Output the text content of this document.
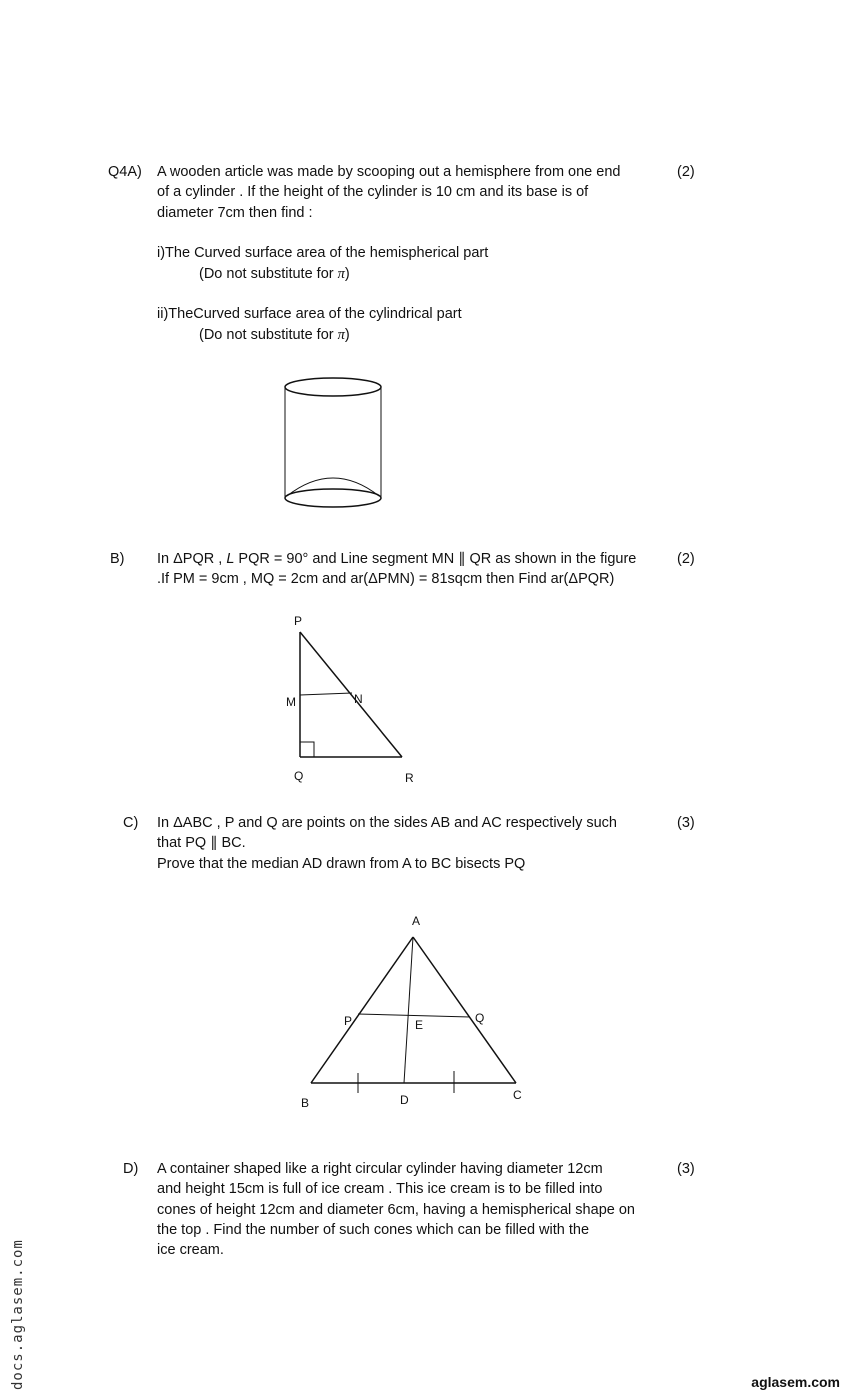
Q4A)	(2)
A wooden article was made by scooping out a hemisphere from one end
of a cylinder . If the height of the cylinder is 10 cm and its base is of
diameter 7cm then find :
i)The Curved surface area of the hemispherical part
(Do not substitute for π)
ii)TheCurved surface area of the cylindrical part
(Do not substitute for π)
B)	(2)
In ΔPQR , L PQR = 90° and Line segment MN ∥ QR as shown in the figure
.If PM = 9cm , MQ = 2cm and ar(ΔPMN) = 81sqcm then Find ar(ΔPQR)
P
M	N
Q	R
C)	(3)
In ΔABC , P and Q are points on the sides AB and AC respectively such
that PQ ∥ BC.
Prove that the median AD drawn from A to BC bisects PQ
A
P	Q
E
B	D	C
D)	(3)
A container shaped like a right circular cylinder having diameter 12cm
and height 15cm is full of ice cream . This ice cream is to be filled into
cones of height 12cm and diameter 6cm, having a hemispherical shape on
the top . Find the number of such cones which can be filled with the
ice cream.
docs.aglasem.com	aglasem.com
